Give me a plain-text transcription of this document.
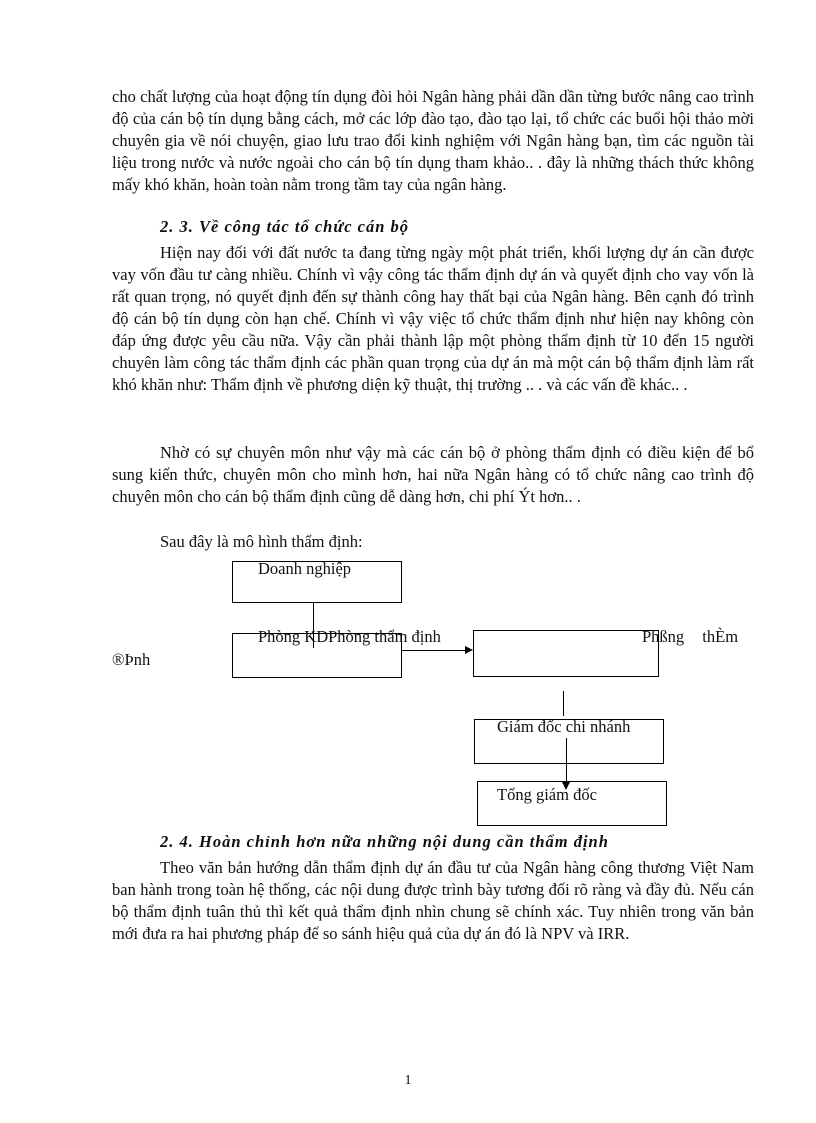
cho chất lượng của hoạt động tín dụng đòi hỏi Ngân hàng phải dần dần từng bước nâng cao trình độ của cán bộ tín dụng bằng cách, mở các lớp đào tạo, đào tạo lại, tổ chức các buổi hội thảo mời chuyên gia về nói chuyện, giao lưu trao đổi kinh nghiệm với Ngân hàng bạn, tìm các nguồn tài liệu trong nước và nước ngoài cho cán bộ tín dụng tham khảo.. . đây là những thách thức không mấy khó khăn, hoàn toàn nằm trong tầm tay của ngân hàng.

2. 3. Về công tác tổ chức cán bộ

Hiện nay đối với đất nước ta đang từng ngày một phát triển, khối lượng dự án cần được vay vốn đầu tư càng nhiều. Chính vì vậy công tác thẩm định dự án và quyết định cho vay vốn là rất quan trọng, nó quyết định đến sự thành công hay thất bại của Ngân hàng. Bên cạnh đó trình độ cán bộ tín dụng còn hạn chế. Chính vì vậy việc tổ chức thẩm định như hiện nay không còn đáp ứng được yêu cầu nữa. Vậy cần phải thành lập một phòng thẩm định từ 10 đến 15 người chuyên làm công tác thẩm định các phần quan trọng của dự án mà một cán bộ thẩm định làm rất khó khăn như: Thẩm định về phương diện kỹ thuật, thị trường .. . và các vấn đề khác.. .

Nhờ có sự chuyên môn như vậy mà các cán bộ ở phòng thẩm định có điều kiện để bổ sung kiến thức, chuyên môn cho mình hơn, hai nữa Ngân hàng có tổ chức nâng cao trình độ chuyên môn cho cán bộ thẩm định cũng dễ dàng hơn, chi phí Ýt hơn.. .

Sau đây là mô hình thẩm định:

Doanh nghiệp
Phòng KDPhòng thẩm định	Phßng thÈm
®Þnh
Giám đốc chi nhánh
Tổng giám đốc

2. 4. Hoàn chỉnh hơn nữa những nội dung cần thẩm định

Theo văn bản hướng dẫn thẩm định dự án đầu tư của Ngân hàng công thương Việt Nam ban hành trong toàn hệ thống, các nội dung được trình bày tương đối rõ ràng và đầy đủ. Nếu cán bộ thẩm định tuân thủ thì kết quả thẩm định nhìn chung sẽ chính xác. Tuy nhiên trong văn bản mới đưa ra hai phương pháp để so sánh hiệu quả của dự án đó là NPV và IRR.

1
